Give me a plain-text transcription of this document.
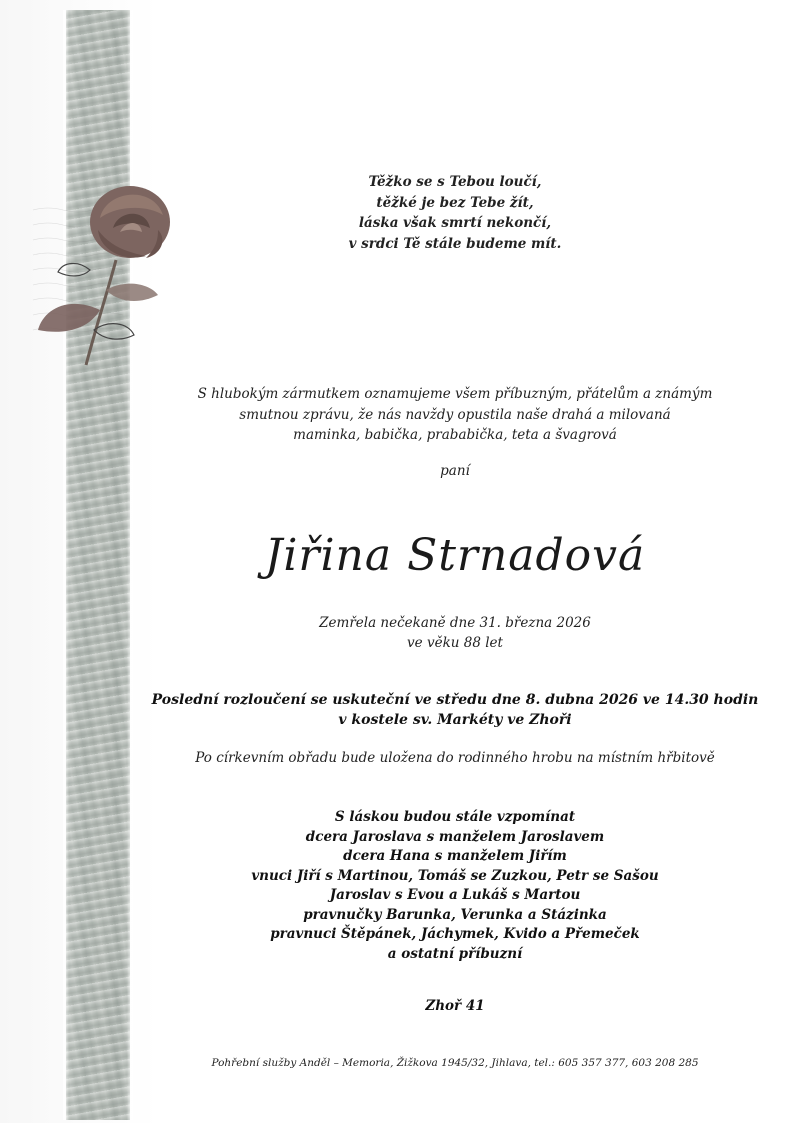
Těžko se s Tebou loučí,
těžké je bez Tebe žít,
láska však smrtí nekončí,
v srdci Tě stále budeme mít.
S hlubokým zármutkem oznamujeme všem příbuzným, přátelům a známým
smutnou zprávu, že nás navždy opustila naše drahá a milovaná
maminka, babička, prababička, teta a švagrová
paní
Jiřina Strnadová
Zemřela nečekaně dne 31. března 2026
ve věku 88 let
Poslední rozloučení se uskuteční ve středu dne 8. dubna 2026 ve 14.30 hodin
v kostele sv. Markéty ve Zhoři
Po církevním obřadu bude uložena do rodinného hrobu na místním hřbitově
S láskou budou stále vzpomínat
dcera Jaroslava s manželem Jaroslavem
dcera Hana s manželem Jiřím
vnuci Jiří s Martinou, Tomáš se Zuzkou, Petr se Sašou
Jaroslav s Evou a Lukáš s Martou
pravnučky Barunka, Verunka a Stázinka
pravnuci Štěpánek, Jáchymek, Kvido a Přemeček
a ostatní příbuzní
Zhoř 41
Pohřební služby Anděl – Memoria, Žižkova 1945/32, Jihlava, tel.: 605 357 377, 603 208 285
